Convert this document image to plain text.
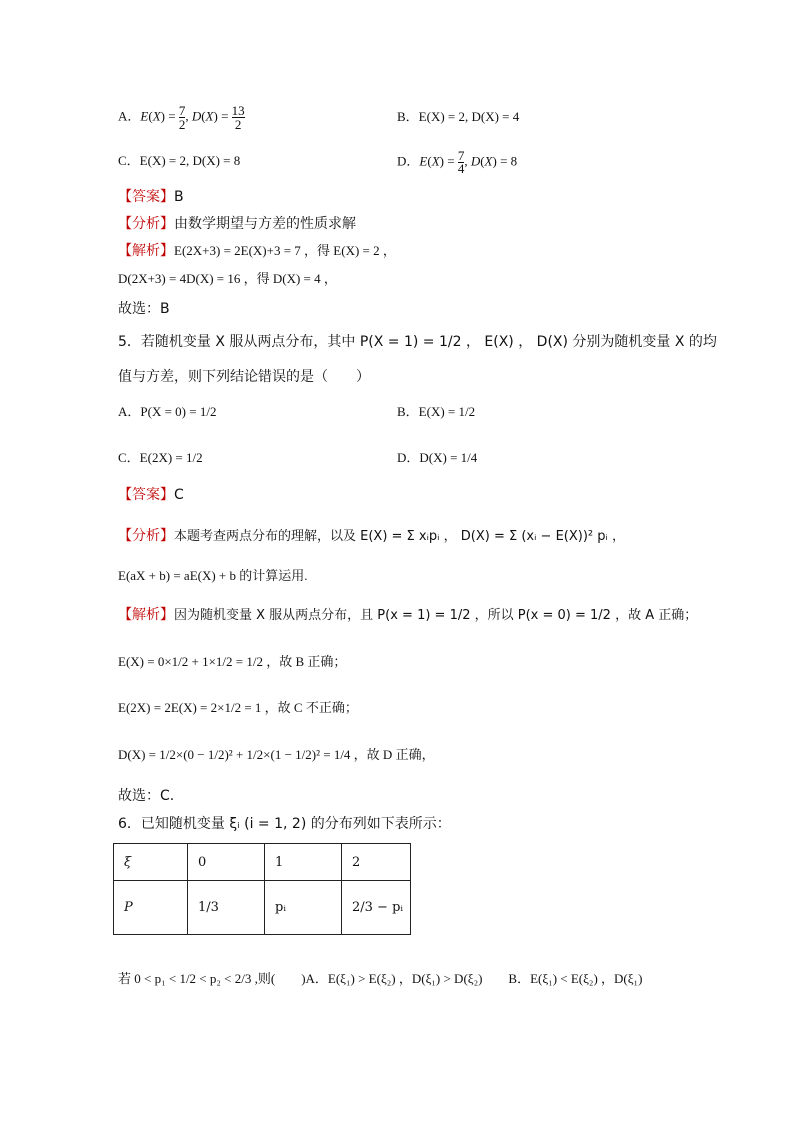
A．$E(X) = \frac{7}{2}$ , $D(X) = \frac{13}{2}$	B．E(X) = 2, D(X) = 4
C．E(X) = 2, D(X) = 8	D．$E(X) = \frac{7}{4}$ , D(X) = 8
【答案】B
【分析】由数学期望与方差的性质求解
【解析】E(2X+3) = 2E(X)+3 = 7 ，得 E(X) = 2 ，
D(2X+3) = 4D(X) = 16 ，得 D(X) = 4 ，
故选：B
5．若随机变量 X 服从两点分布，其中 P(X = 1) = 1/2 ， E(X) ， D(X) 分别为随机变量 X 的均
值与方差，则下列结论错误的是（　　）
A．P(X = 0) = 1/2	B．E(X) = 1/2
C．E(2X) = 1/2	D．D(X) = 1/4
【答案】C
【分析】本题考查两点分布的理解，以及 E(X) = Σ xᵢpᵢ ， D(X) = Σ (xᵢ − E(X))² pᵢ ，
E(aX + b) = aE(X) + b 的计算运用.
【解析】因为随机变量 X 服从两点分布，且 P(x = 1) = 1/2 ，所以 P(x = 0) = 1/2 ，故 A 正确；
E(X) = 0×1/2 + 1×1/2 = 1/2 ，故 B 正确；
E(2X) = 2E(X) = 2×1/2 = 1 ，故 C 不正确；
D(X) = 1/2×(0 − 1/2)² + 1/2×(1 − 1/2)² = 1/4 ，故 D 正确，
故选：C.
6．已知随机变量 ξᵢ (i = 1, 2) 的分布列如下表所示：
ξ	0	1	2
P	1/3	pᵢ	2/3 − pᵢ
若 0 < p₁ < 1/2 < p₂ < 2/3 ,则(　　)A．E(ξ₁) > E(ξ₂) ，D(ξ₁) > D(ξ₂)　　B．E(ξ₁) < E(ξ₂) ，D(ξ₁)
